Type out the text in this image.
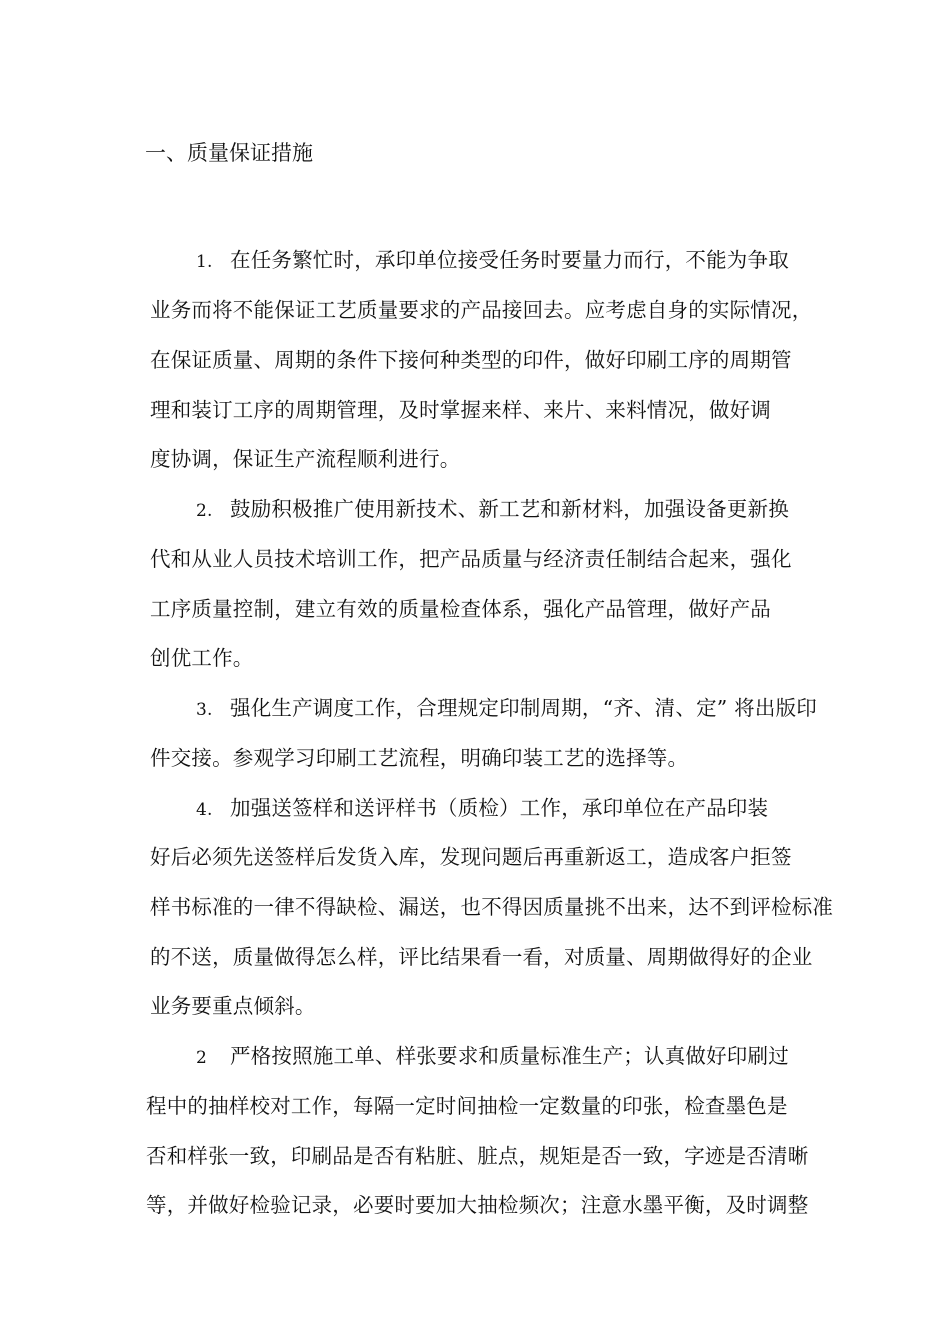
一、质量保证措施
1. 在任务繁忙时，承印单位接受任务时要量力而行，不能为争取
业务而将不能保证工艺质量要求的产品接回去。应考虑自身的实际情况，
在保证质量、周期的条件下接何种类型的印件，做好印刷工序的周期管
理和装订工序的周期管理，及时掌握来样、来片、来料情况，做好调
度协调，保证生产流程顺利进行。
2. 鼓励积极推广使用新技术、新工艺和新材料，加强设备更新换
代和从业人员技术培训工作，把产品质量与经济责任制结合起来，强化
工序质量控制，建立有效的质量检查体系，强化产品管理，做好产品
创优工作。
3. 强化生产调度工作，合理规定印制周期，“齐、清、定” 将出版印
件交接。参观学习印刷工艺流程，明确印装工艺的选择等。
4. 加强送签样和送评样书（质检）工作，承印单位在产品印装
好后必须先送签样后发货入库，发现问题后再重新返工，造成客户拒签
样书标准的一律不得缺检、漏送，也不得因质量挑不出来，达不到评检标准
的不送，质量做得怎么样，评比结果看一看，对质量、周期做得好的企业
业务要重点倾斜。
2 严格按照施工单、样张要求和质量标准生产；认真做好印刷过
程中的抽样校对工作，每隔一定时间抽检一定数量的印张，检查墨色是
否和样张一致，印刷品是否有粘脏、脏点，规矩是否一致，字迹是否清晰
等，并做好检验记录，必要时要加大抽检频次；注意水墨平衡，及时调整
